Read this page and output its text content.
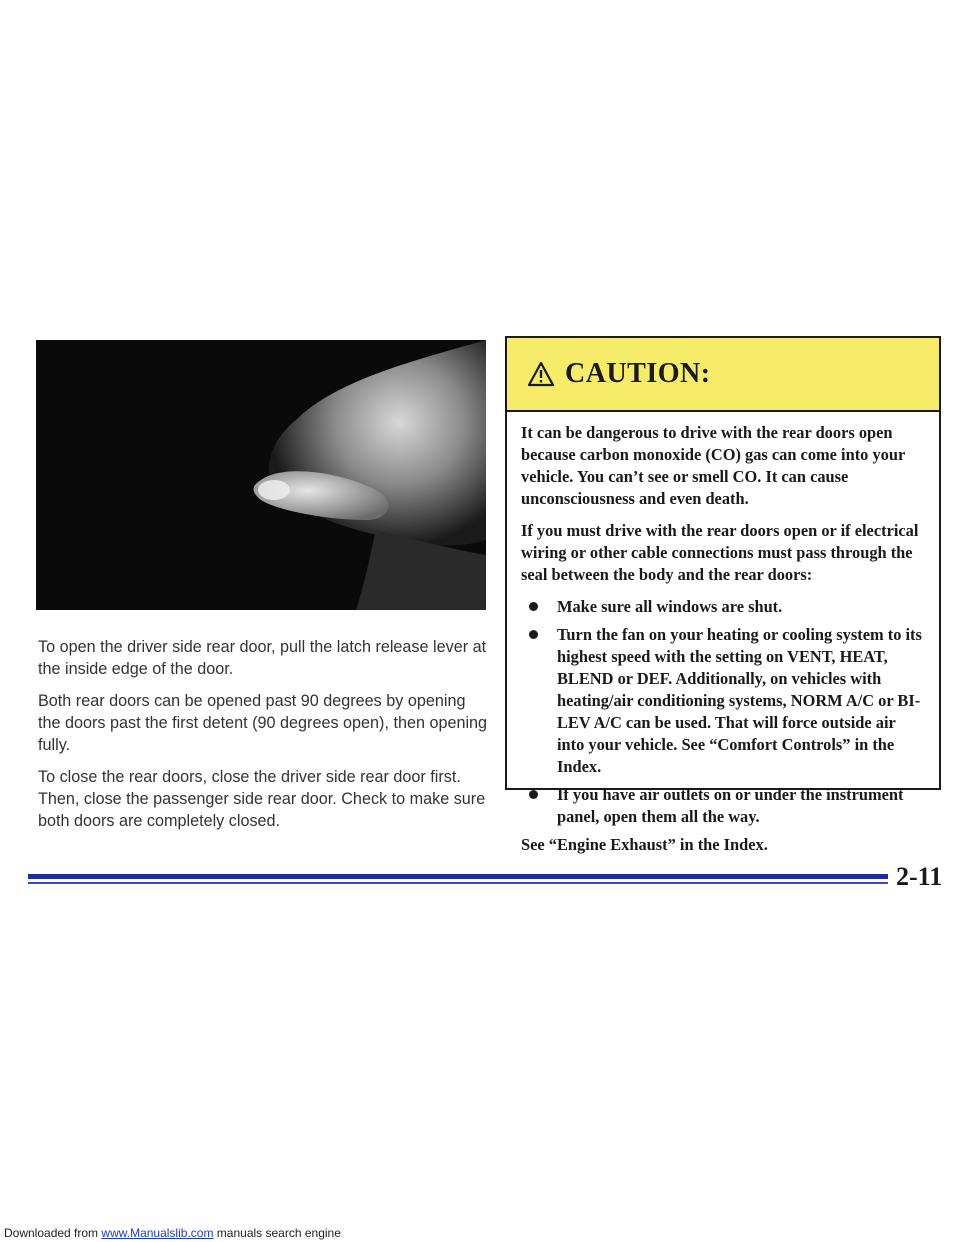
To open the driver side rear door, pull the latch release lever at the inside edge of the door.

Both rear doors can be opened past 90 degrees by opening the doors past the first detent (90 degrees open), then opening fully.

To close the rear doors, close the driver side rear door first. Then, close the passenger side rear door. Check to make sure both doors are completely closed.

CAUTION:

It can be dangerous to drive with the rear doors open because carbon monoxide (CO) gas can come into your vehicle. You can’t see or smell CO. It can cause unconsciousness and even death.

If you must drive with the rear doors open or if electrical wiring or other cable connections must pass through the seal between the body and the rear doors:

Make sure all windows are shut.
Turn the fan on your heating or cooling system to its highest speed with the setting on VENT, HEAT, BLEND or DEF. Additionally, on vehicles with heating/air conditioning systems, NORM A/C or BI-LEV A/C can be used. That will force outside air into your vehicle. See “Comfort Controls” in the Index.
If you have air outlets on or under the instrument panel, open them all the way.

See “Engine Exhaust” in the Index.

2-11
Downloaded from www.Manualslib.com manuals search engine
